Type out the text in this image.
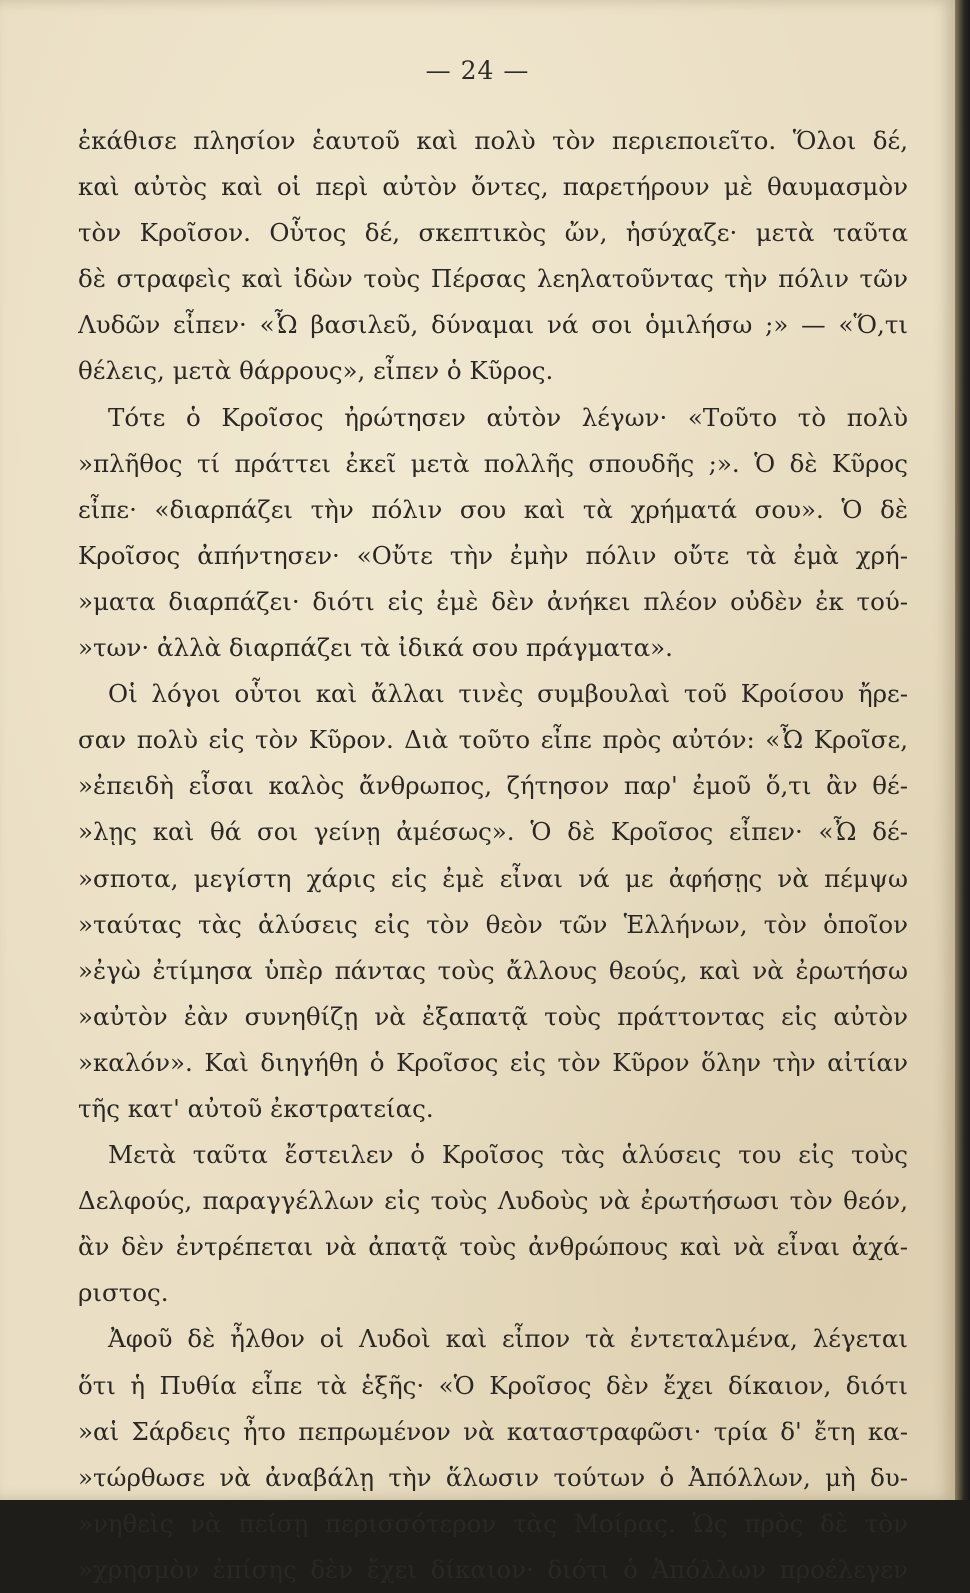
— 24 —
ἐκάθισε πλησίον ἑαυτοῦ καὶ πολὺ τὸν περιεποιεῖτο. Ὅλοι δέ,
καὶ αὐτὸς καὶ οἱ περὶ αὐτὸν ὄντες, παρετήρουν μὲ θαυμασμὸν
τὸν Κροῖσον. Οὗτος δέ, σκεπτικὸς ὤν, ἡσύχαζε· μετὰ ταῦτα
δὲ στραφεὶς καὶ ἰδὼν τοὺς Πέρσας λεηλατοῦντας τὴν πόλιν τῶν
Λυδῶν εἶπεν· «Ὦ βασιλεῦ, δύναμαι νά σοι ὁμιλήσω ;» — «Ὅ,τι
θέλεις, μετὰ θάρρους», εἶπεν ὁ Κῦρος.
Τότε ὁ Κροῖσος ἠρώτησεν αὐτὸν λέγων· «Τοῦτο τὸ πολὺ
»πλῆθος τί πράττει ἐκεῖ μετὰ πολλῆς σπουδῆς ;». Ὁ δὲ Κῦρος
εἶπε· «διαρπάζει τὴν πόλιν σου καὶ τὰ χρήματά σου». Ὁ δὲ
Κροῖσος ἀπήντησεν· «Οὔτε τὴν ἐμὴν πόλιν οὔτε τὰ ἐμὰ χρή-
»ματα διαρπάζει· διότι εἰς ἐμὲ δὲν ἀνήκει πλέον οὐδὲν ἐκ τού-
»των· ἀλλὰ διαρπάζει τὰ ἰδικά σου πράγματα».
Οἱ λόγοι οὗτοι καὶ ἄλλαι τινὲς συμβουλαὶ τοῦ Κροίσου ἤρε-
σαν πολὺ εἰς τὸν Κῦρον. Διὰ τοῦτο εἶπε πρὸς αὐτόν: «Ὦ Κροῖσε,
»ἐπειδὴ εἶσαι καλὸς ἄνθρωπος, ζήτησον παρ' ἐμοῦ ὅ,τι ἂν θέ-
»λῃς καὶ θά σοι γείνῃ ἀμέσως». Ὁ δὲ Κροῖσος εἶπεν· «Ὦ δέ-
»σποτα, μεγίστη χάρις εἰς ἐμὲ εἶναι νά με ἀφήσῃς νὰ πέμψω
»ταύτας τὰς ἁλύσεις εἰς τὸν θεὸν τῶν Ἑλλήνων, τὸν ὁποῖον
»ἐγὼ ἐτίμησα ὑπὲρ πάντας τοὺς ἄλλους θεούς, καὶ νὰ ἐρωτήσω
»αὐτὸν ἐὰν συνηθίζῃ νὰ ἐξαπατᾷ τοὺς πράττοντας εἰς αὐτὸν
»καλόν». Καὶ διηγήθη ὁ Κροῖσος εἰς τὸν Κῦρον ὅλην τὴν αἰτίαν
τῆς κατ' αὐτοῦ ἐκστρατείας.
Μετὰ ταῦτα ἔστειλεν ὁ Κροῖσος τὰς ἁλύσεις του εἰς τοὺς
Δελφούς, παραγγέλλων εἰς τοὺς Λυδοὺς νὰ ἐρωτήσωσι τὸν θεόν,
ἂν δὲν ἐντρέπεται νὰ ἀπατᾷ τοὺς ἀνθρώπους καὶ νὰ εἶναι ἀχά-
ριστος.
Ἀφοῦ δὲ ἦλθον οἱ Λυδοὶ καὶ εἶπον τὰ ἐντεταλμένα, λέγεται
ὅτι ἡ Πυθία εἶπε τὰ ἑξῆς· «Ὁ Κροῖσος δὲν ἔχει δίκαιον, διότι
»αἱ Σάρδεις ἦτο πεπρωμένον νὰ καταστραφῶσι· τρία δ' ἔτη κα-
»τώρθωσε νὰ ἀναβάλῃ τὴν ἅλωσιν τούτων ὁ Ἀπόλλων, μὴ δυ-
»νηθεὶς νὰ πείσῃ περισσότερον τὰς Μοίρας. Ὡς πρὸς δὲ τὸν
»χρησμὸν ἐπίσης δὲν ἔχει δίκαιον· διότι ὁ Ἀπόλλων προέλεγεν
